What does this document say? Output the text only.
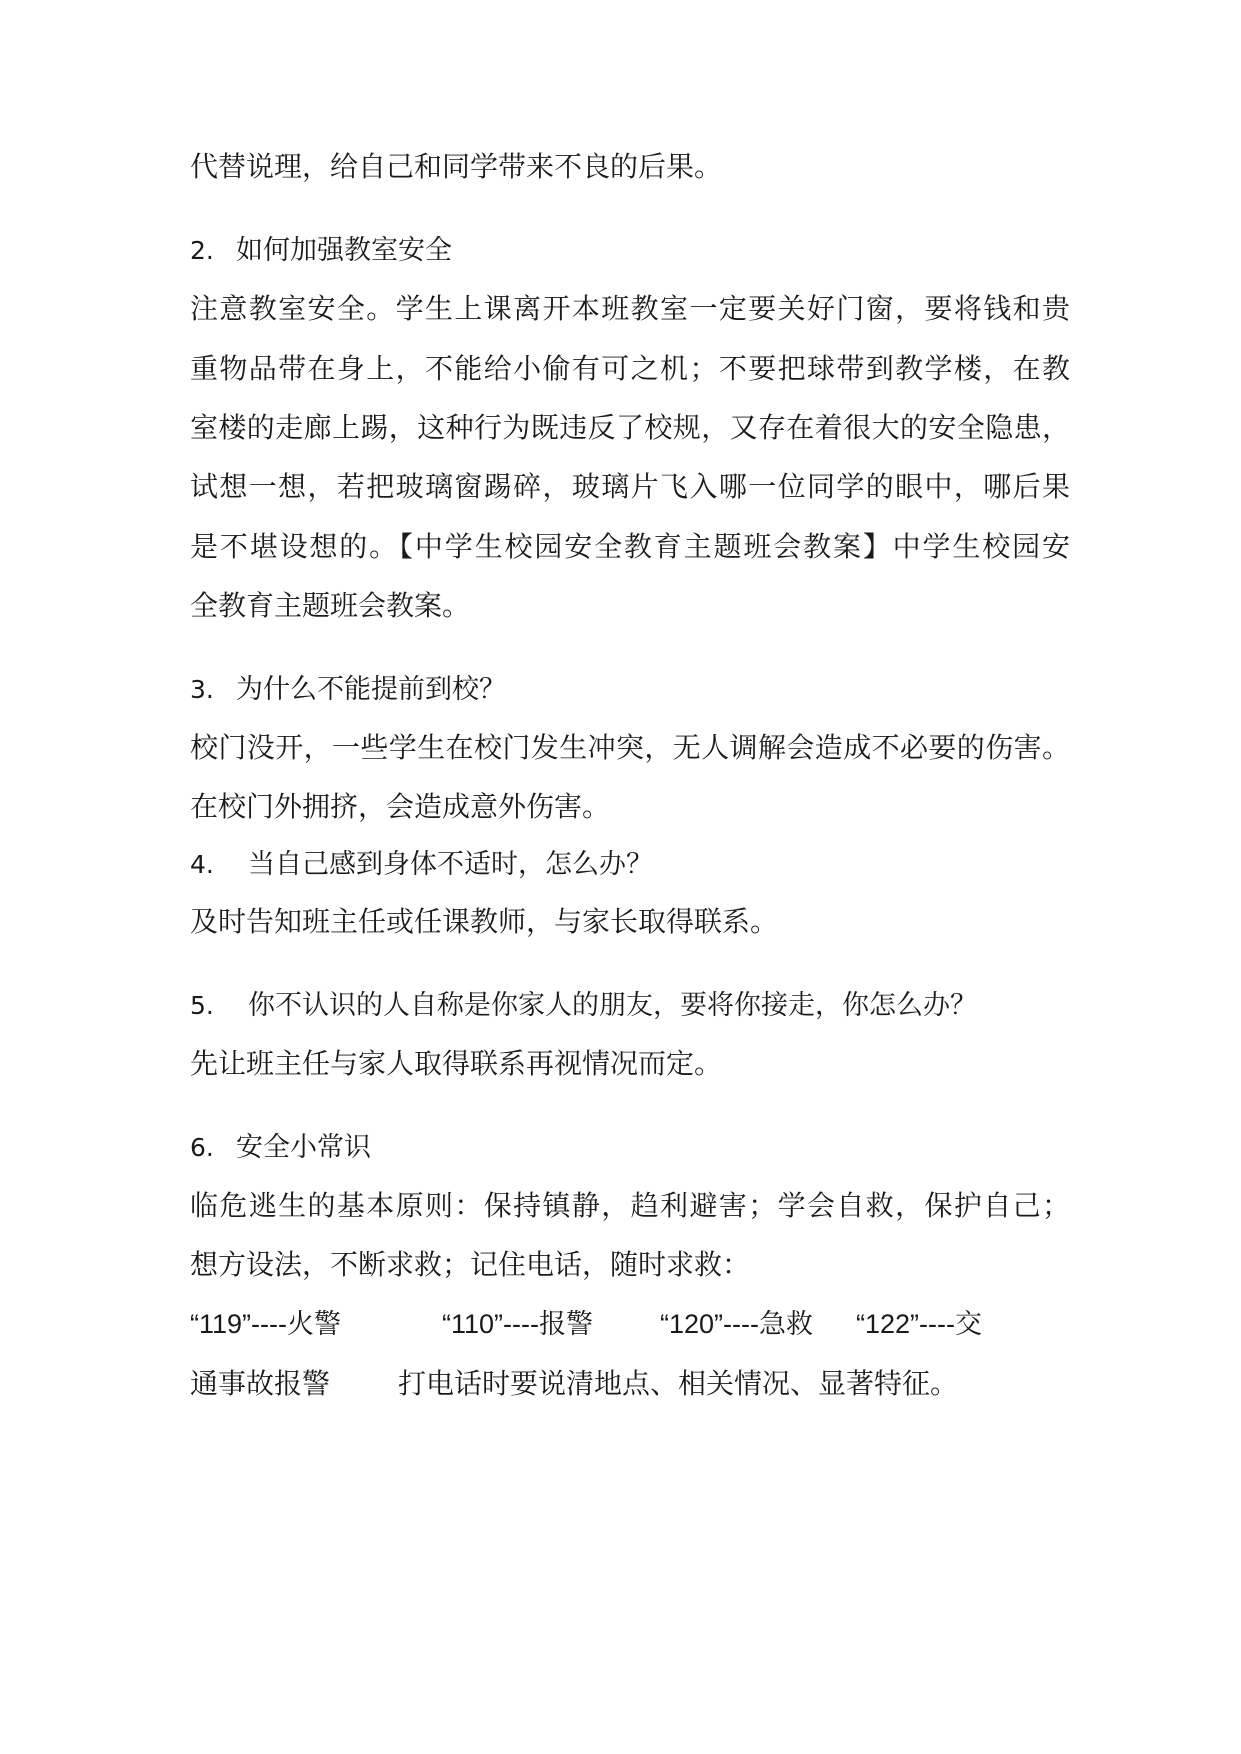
代替说理，给自己和同学带来不良的后果。
2. 如何加强教室安全
注意教室安全。学生上课离开本班教室一定要关好门窗，要将钱和贵
重物品带在身上，不能给小偷有可之机；不要把球带到教学楼，在教
室楼的走廊上踢，这种行为既违反了校规，又存在着很大的安全隐患，
试想一想，若把玻璃窗踢碎，玻璃片飞入哪一位同学的眼中，哪后果
是不堪设想的。【中学生校园安全教育主题班会教案】中学生校园安
全教育主题班会教案。
3. 为什么不能提前到校？
校门没开，一些学生在校门发生冲突，无人调解会造成不必要的伤害。
在校门外拥挤，会造成意外伤害。
4. 当自己感到身体不适时，怎么办？
及时告知班主任或任课教师，与家长取得联系。
5. 你不认识的人自称是你家人的朋友，要将你接走，你怎么办？
先让班主任与家人取得联系再视情况而定。
6. 安全小常识
临危逃生的基本原则：保持镇静，趋利避害；学会自救，保护自己；
想方设法，不断求救；记住电话，随时求救：
“119”----火警	“110”----报警 “120”----急救 “122”----交
通事故报警 打电话时要说清地点、相关情况、显著特征。
